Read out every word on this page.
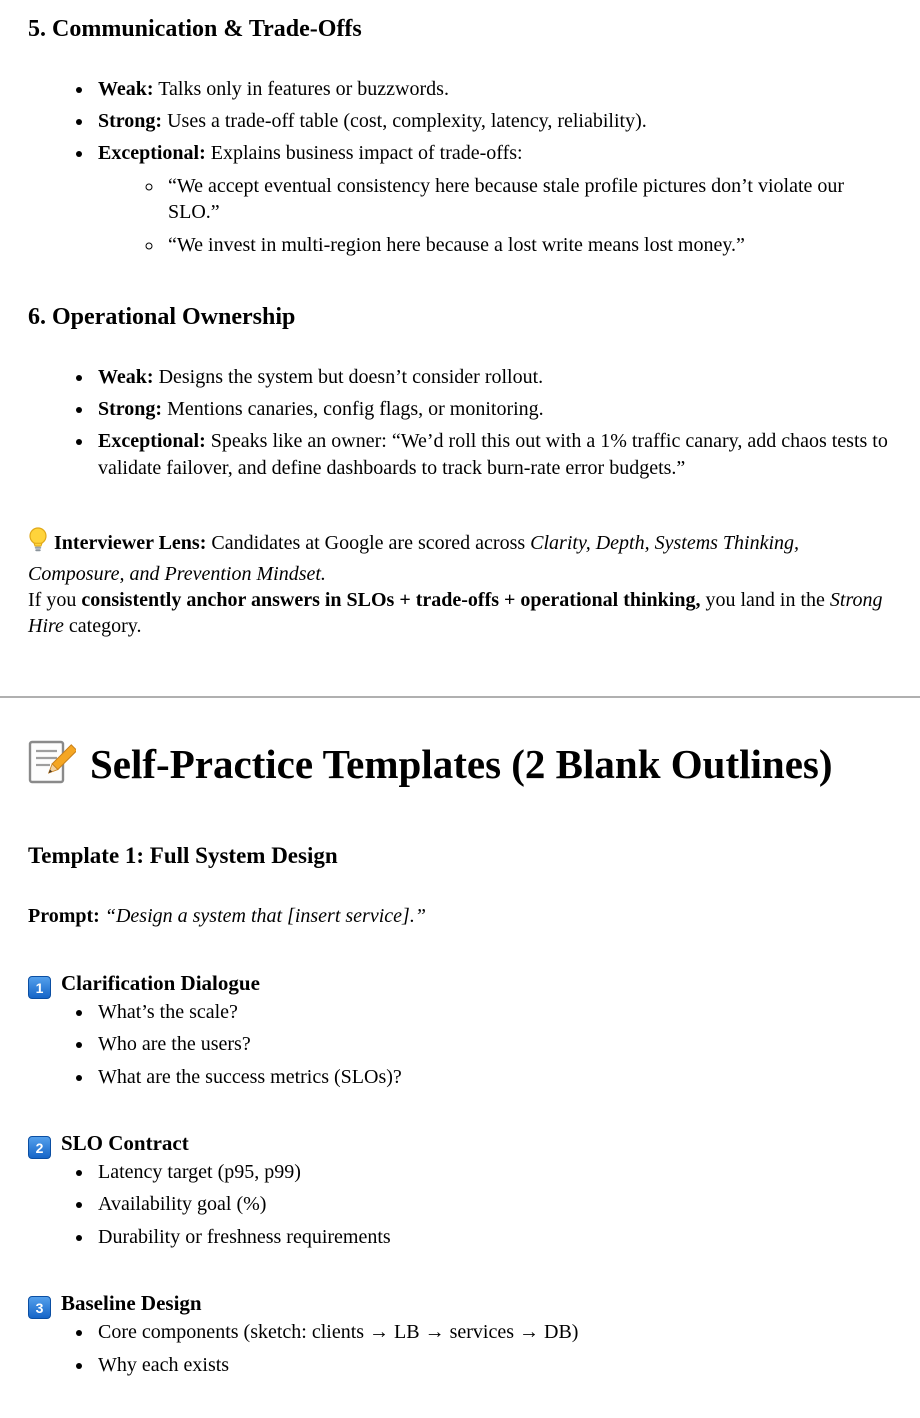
5. Communication & Trade-Offs
• Weak: Talks only in features or buzzwords.
• Strong: Uses a trade-off table (cost, complexity, latency, reliability).
• Exceptional: Explains business impact of trade-offs:
◦ “We accept eventual consistency here because stale profile pictures don’t violate our SLO.”
◦ “We invest in multi-region here because a lost write means lost money.”
6. Operational Ownership
• Weak: Designs the system but doesn’t consider rollout.
• Strong: Mentions canaries, config flags, or monitoring.
• Exceptional: Speaks like an owner: “We’d roll this out with a 1% traffic canary, add chaos tests to validate failover, and define dashboards to track burn-rate error budgets.”

Interviewer Lens: Candidates at Google are scored across Clarity, Depth, Systems Thinking, Composure, and Prevention Mindset.
If you consistently anchor answers in SLOs + trade-offs + operational thinking, you land in the Strong Hire category.

Self-Practice Templates (2 Blank Outlines)
Template 1: Full System Design

Prompt: “Design a system that [insert service].”

1 Clarification Dialogue
• What’s the scale?
• Who are the users?
• What are the success metrics (SLOs)?
2 SLO Contract
• Latency target (p95, p99)
• Availability goal (%)
• Durability or freshness requirements
3 Baseline Design
• Core components (sketch: clients → LB → services → DB)
• Why each exists
